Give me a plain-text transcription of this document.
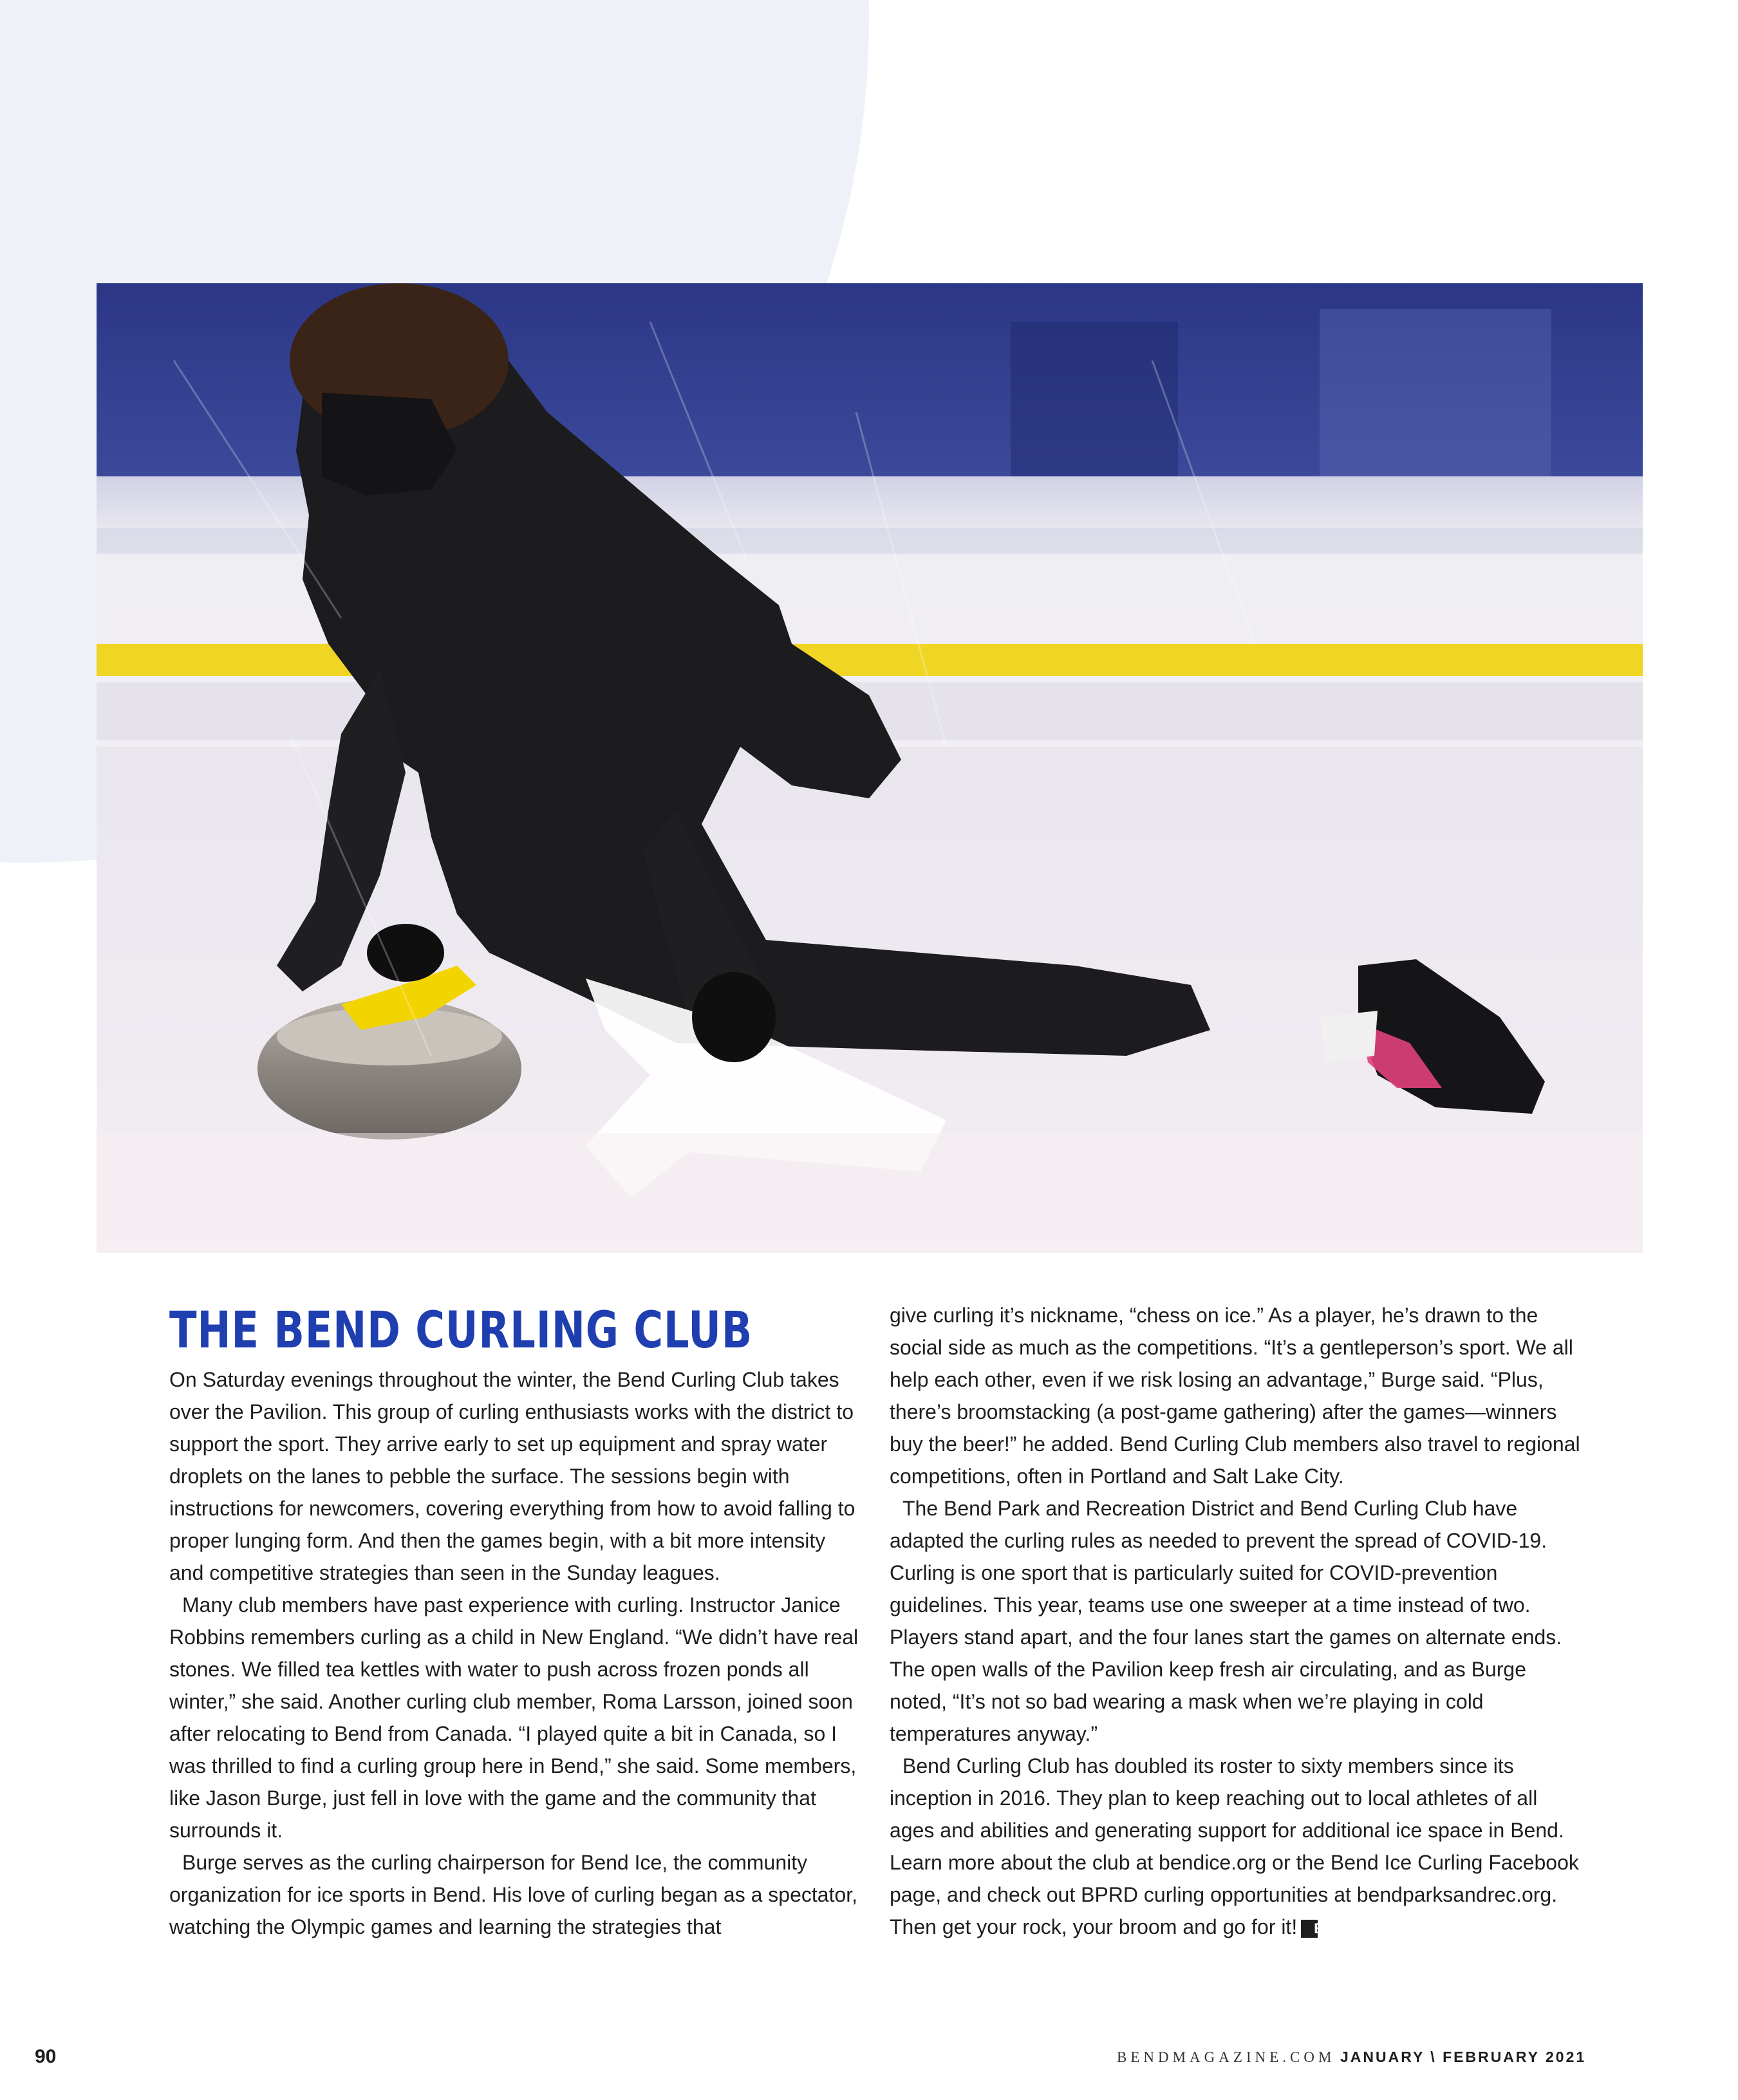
THE BEND CURLING CLUB

On Saturday evenings throughout the winter, the Bend Curling Club takes over the Pavilion. This group of curling enthusiasts works with the district to support the sport. They arrive early to set up equipment and spray water droplets on the lanes to pebble the surface. The sessions begin with instructions for newcomers, covering everything from how to avoid falling to proper lunging form. And then the games begin, with a bit more intensity and competitive strategies than seen in the Sunday leagues.

Many club members have past experience with curling. Instructor Janice Robbins remembers curling as a child in New England. “We didn’t have real stones. We filled tea kettles with water to push across frozen ponds all winter,” she said. Another curling club member, Roma Larsson, joined soon after relocating to Bend from Canada. “I played quite a bit in Canada, so I was thrilled to find a curling group here in Bend,” she said. Some members, like Jason Burge, just fell in love with the game and the community that surrounds it.

Burge serves as the curling chairperson for Bend Ice, the community organization for ice sports in Bend. His love of curling began as a spectator, watching the Olympic games and learning the strategies that

give curling it’s nickname, “chess on ice.” As a player, he’s drawn to the social side as much as the competitions. “It’s a gentleperson’s sport. We all help each other, even if we risk losing an advantage,” Burge said. “Plus, there’s broomstacking (a post-game gathering) after the games—winners buy the beer!” he added. Bend Curling Club members also travel to regional competitions, often in Portland and Salt Lake City.

The Bend Park and Recreation District and Bend Curling Club have adapted the curling rules as needed to prevent the spread of COVID-19. Curling is one sport that is particularly suited for COVID-prevention guidelines. This year, teams use one sweeper at a time instead of two. Players stand apart, and the four lanes start the games on alternate ends. The open walls of the Pavilion keep fresh air circulating, and as Burge noted, “It’s not so bad wearing a mask when we’re playing in cold temperatures anyway.”

Bend Curling Club has doubled its roster to sixty members since its inception in 2016. They plan to keep reaching out to local athletes of all ages and abilities and generating support for additional ice space in Bend. Learn more about the club at bendice.org or the Bend Ice Curling Facebook page, and check out BPRD curling opportunities at bendparksandrec.org. Then get your rock, your broom and go for it! B

90	BENDMAGAZINE.COM JANUARY \ FEBRUARY 2021
